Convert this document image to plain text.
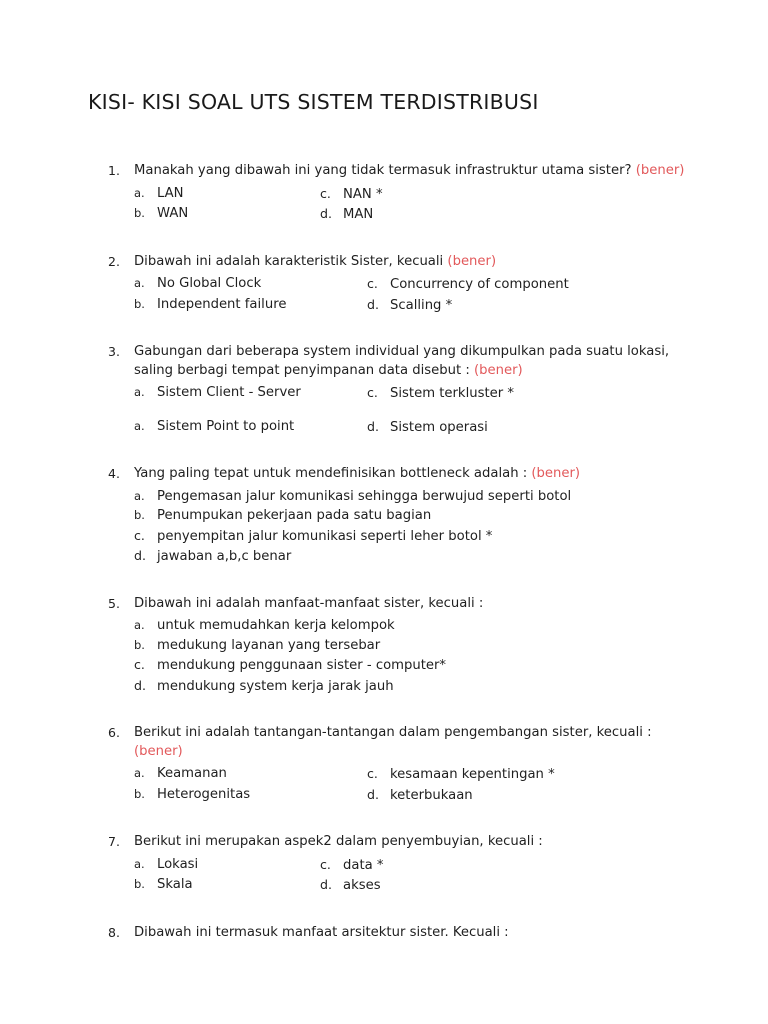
KISI- KISI SOAL UTS SISTEM TERDISTRIBUSI
1.	Manakah yang dibawah ini yang tidak termasuk infrastruktur utama sister? (bener)
a. LAN	c. NAN *
b. WAN	d. MAN
2.	Dibawah ini adalah karakteristik Sister, kecuali (bener)
a. No Global Clock	c. Concurrency of component
b. Independent failure	d. Scalling *
3.	Gabungan dari beberapa system individual yang dikumpulkan pada suatu lokasi, saling berbagi tempat penyimpanan data disebut : (bener)
a. Sistem Client - Server	c. Sistem terkluster *
a. Sistem Point to point	d. Sistem operasi
4.	Yang paling tepat untuk mendefinisikan bottleneck adalah : (bener)
a. Pengemasan jalur komunikasi sehingga berwujud seperti botol
b. Penumpukan pekerjaan pada satu bagian
c. penyempitan jalur komunikasi seperti leher botol *
d. jawaban a,b,c benar
5.	Dibawah ini adalah manfaat-manfaat sister, kecuali :
a. untuk memudahkan kerja kelompok
b. medukung layanan yang tersebar
c. mendukung penggunaan sister - computer*
d. mendukung system kerja jarak jauh
6.	Berikut ini adalah tantangan-tantangan dalam pengembangan sister, kecuali : (bener)
a. Keamanan	c. kesamaan kepentingan *
b. Heterogenitas	d. keterbukaan
7.	Berikut ini merupakan aspek2 dalam penyembuyian, kecuali :
a. Lokasi	c. data *
b. Skala	d. akses
8.	Dibawah ini termasuk manfaat arsitektur sister. Kecuali :
